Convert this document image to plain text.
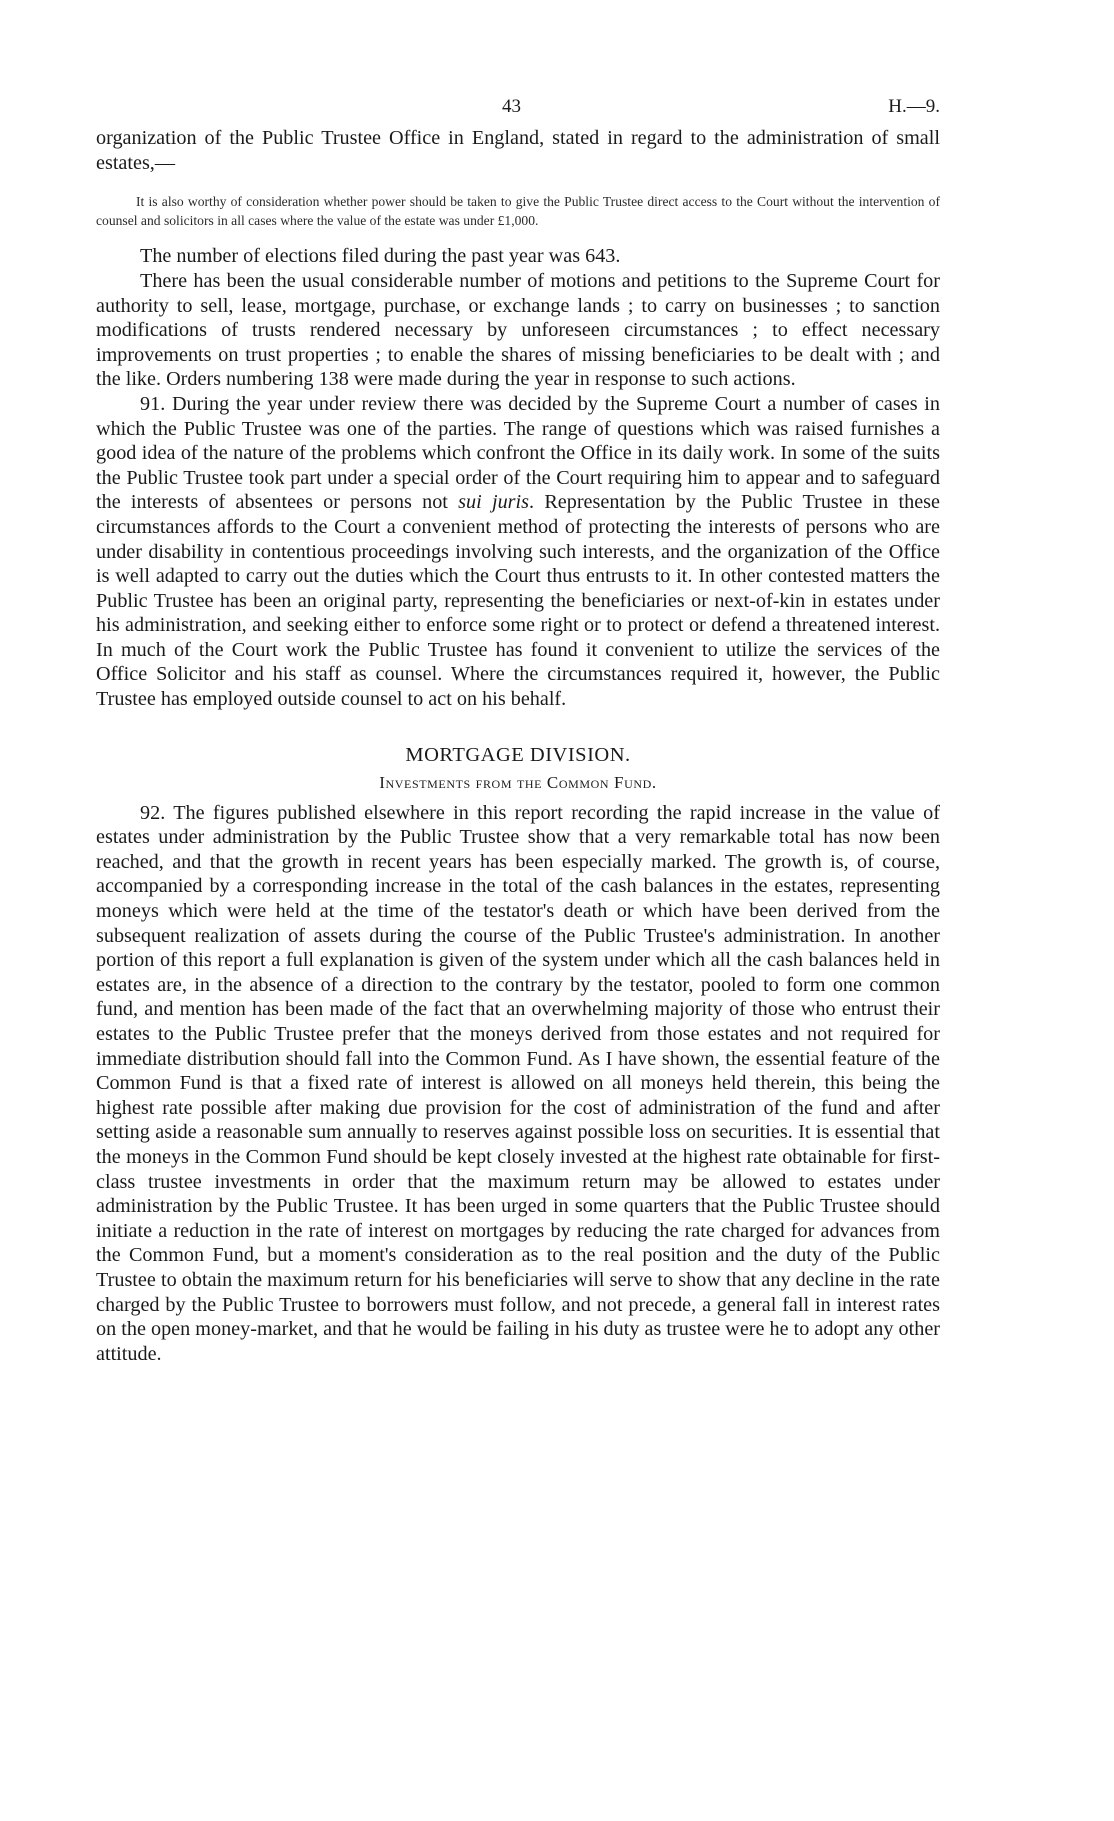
43	H.—9.

organization of the Public Trustee Office in England, stated in regard to the administration of small estates,—

It is also worthy of consideration whether power should be taken to give the Public Trustee direct access to the Court without the intervention of counsel and solicitors in all cases where the value of the estate was under £1,000.

The number of elections filed during the past year was 643.

There has been the usual considerable number of motions and petitions to the Supreme Court for authority to sell, lease, mortgage, purchase, or exchange lands ; to carry on businesses ; to sanction modifications of trusts rendered necessary by unforeseen circumstances ; to effect necessary improvements on trust properties ; to enable the shares of missing beneficiaries to be dealt with ; and the like. Orders numbering 138 were made during the year in response to such actions.

91. During the year under review there was decided by the Supreme Court a number of cases in which the Public Trustee was one of the parties. The range of questions which was raised furnishes a good idea of the nature of the problems which confront the Office in its daily work. In some of the suits the Public Trustee took part under a special order of the Court requiring him to appear and to safeguard the interests of absentees or persons not sui juris. Representation by the Public Trustee in these circumstances affords to the Court a convenient method of protecting the interests of persons who are under disability in contentious proceedings involving such interests, and the organization of the Office is well adapted to carry out the duties which the Court thus entrusts to it. In other contested matters the Public Trustee has been an original party, representing the beneficiaries or next-of-kin in estates under his administration, and seeking either to enforce some right or to protect or defend a threatened interest. In much of the Court work the Public Trustee has found it convenient to utilize the services of the Office Solicitor and his staff as counsel. Where the circumstances required it, however, the Public Trustee has employed outside counsel to act on his behalf.

MORTGAGE DIVISION.
Investments from the Common Fund.

92. The figures published elsewhere in this report recording the rapid increase in the value of estates under administration by the Public Trustee show that a very remarkable total has now been reached, and that the growth in recent years has been especially marked. The growth is, of course, accompanied by a corresponding increase in the total of the cash balances in the estates, representing moneys which were held at the time of the testator's death or which have been derived from the subsequent realization of assets during the course of the Public Trustee's administration. In another portion of this report a full explanation is given of the system under which all the cash balances held in estates are, in the absence of a direction to the contrary by the testator, pooled to form one common fund, and mention has been made of the fact that an overwhelming majority of those who entrust their estates to the Public Trustee prefer that the moneys derived from those estates and not required for immediate distribution should fall into the Common Fund. As I have shown, the essential feature of the Common Fund is that a fixed rate of interest is allowed on all moneys held therein, this being the highest rate possible after making due provision for the cost of administration of the fund and after setting aside a reasonable sum annually to reserves against possible loss on securities. It is essential that the moneys in the Common Fund should be kept closely invested at the highest rate obtainable for first-class trustee investments in order that the maximum return may be allowed to estates under administration by the Public Trustee. It has been urged in some quarters that the Public Trustee should initiate a reduction in the rate of interest on mortgages by reducing the rate charged for advances from the Common Fund, but a moment's consideration as to the real position and the duty of the Public Trustee to obtain the maximum return for his beneficiaries will serve to show that any decline in the rate charged by the Public Trustee to borrowers must follow, and not precede, a general fall in interest rates on the open money-market, and that he would be failing in his duty as trustee were he to adopt any other attitude.
